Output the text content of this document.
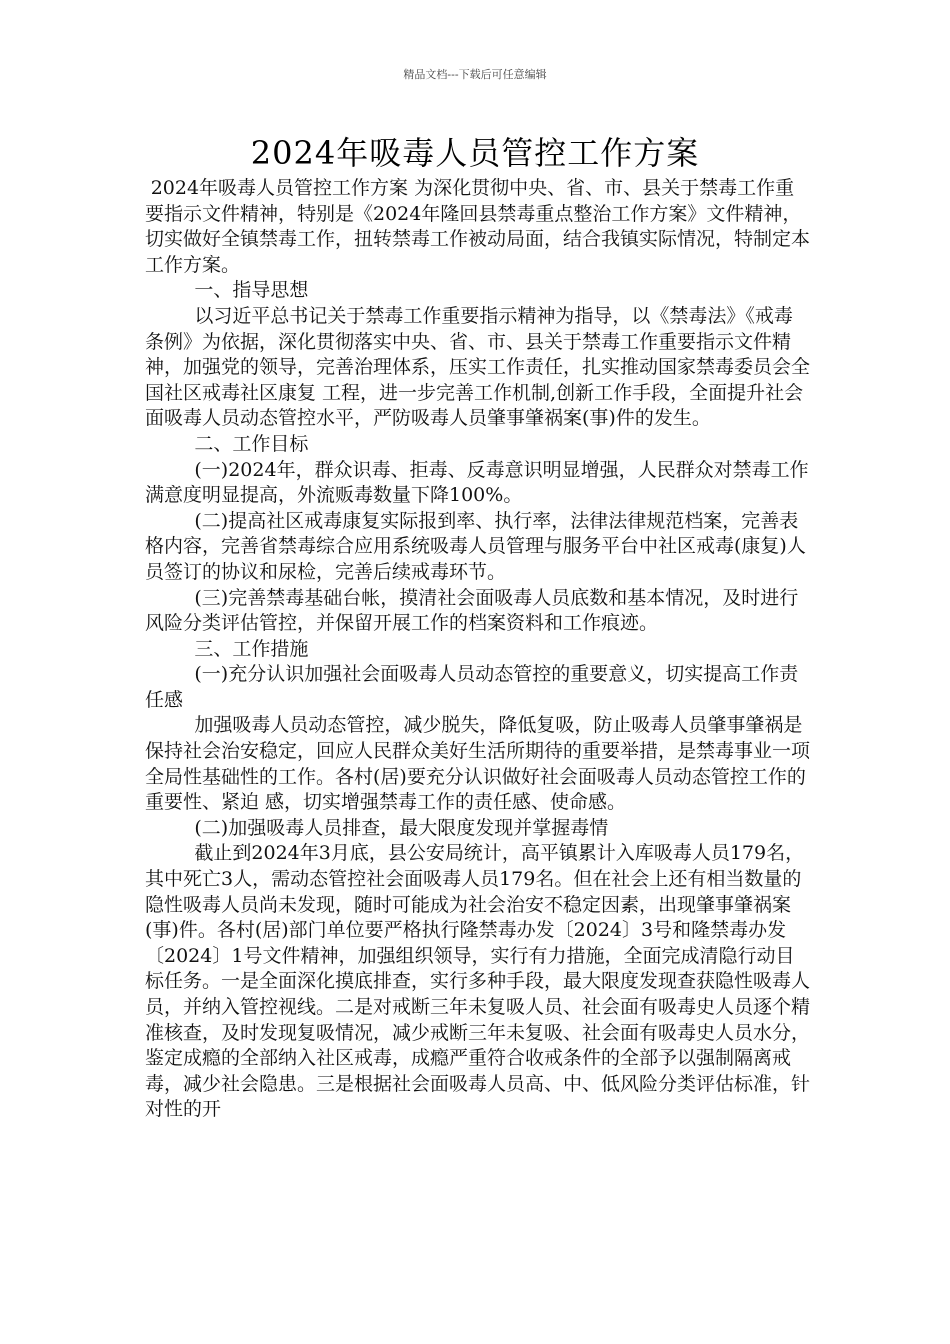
精品文档---下载后可任意编辑
2024年吸毒人员管控工作方案

2024年吸毒人员管控工作方案 为深化贯彻中央、省、市、县关于禁毒工作重要指示文件精神，特别是《2024年隆回县禁毒重点整治工作方案》文件精神，切实做好全镇禁毒工作，扭转禁毒工作被动局面，结合我镇实际情况，特制定本工作方案。

一、指导思想

以习近平总书记关于禁毒工作重要指示精神为指导，以《禁毒法》《戒毒条例》为依据，深化贯彻落实中央、省、市、县关于禁毒工作重要指示文件精神，加强党的领导，完善治理体系，压实工作责任，扎实推动国家禁毒委员会全国社区戒毒社区康复 工程，进一步完善工作机制,创新工作手段，全面提升社会面吸毒人员动态管控水平，严防吸毒人员肇事肇祸案(事)件的发生。

二、工作目标

(一)2024年，群众识毒、拒毒、反毒意识明显增强，人民群众对禁毒工作满意度明显提高，外流贩毒数量下降100%。

(二)提高社区戒毒康复实际报到率、执行率，法律法律规范档案，完善表格内容，完善省禁毒综合应用系统吸毒人员管理与服务平台中社区戒毒(康复)人员签订的协议和尿检，完善后续戒毒环节。

(三)完善禁毒基础台帐，摸清社会面吸毒人员底数和基本情况，及时进行风险分类评估管控，并保留开展工作的档案资料和工作痕迹。

三、工作措施

(一)充分认识加强社会面吸毒人员动态管控的重要意义，切实提高工作责任感

加强吸毒人员动态管控，减少脱失，降低复吸，防止吸毒人员肇事肇祸是保持社会治安稳定，回应人民群众美好生活所期待的重要举措，是禁毒事业一项全局性基础性的工作。各村(居)要充分认识做好社会面吸毒人员动态管控工作的重要性、紧迫 感，切实增强禁毒工作的责任感、使命感。

(二)加强吸毒人员排查，最大限度发现并掌握毒情

截止到2024年3月底，县公安局统计，高平镇累计入库吸毒人员179名，其中死亡3人，需动态管控社会面吸毒人员179名。但在社会上还有相当数量的隐性吸毒人员尚未发现，随时可能成为社会治安不稳定因素，出现肇事肇祸案(事)件。各村(居)部门单位要严格执行隆禁毒办发〔2024〕3号和隆禁毒办发〔2024〕1号文件精神，加强组织领导，实行有力措施，全面完成清隐行动目标任务。一是全面深化摸底排查，实行多种手段，最大限度发现查获隐性吸毒人员，并纳入管控视线。二是对戒断三年未复吸人员、社会面有吸毒史人员逐个精准核查，及时发现复吸情况，减少戒断三年未复吸、社会面有吸毒史人员水分，鉴定成瘾的全部纳入社区戒毒，成瘾严重符合收戒条件的全部予以强制隔离戒毒，减少社会隐患。三是根据社会面吸毒人员高、中、低风险分类评估标准，针对性的开
